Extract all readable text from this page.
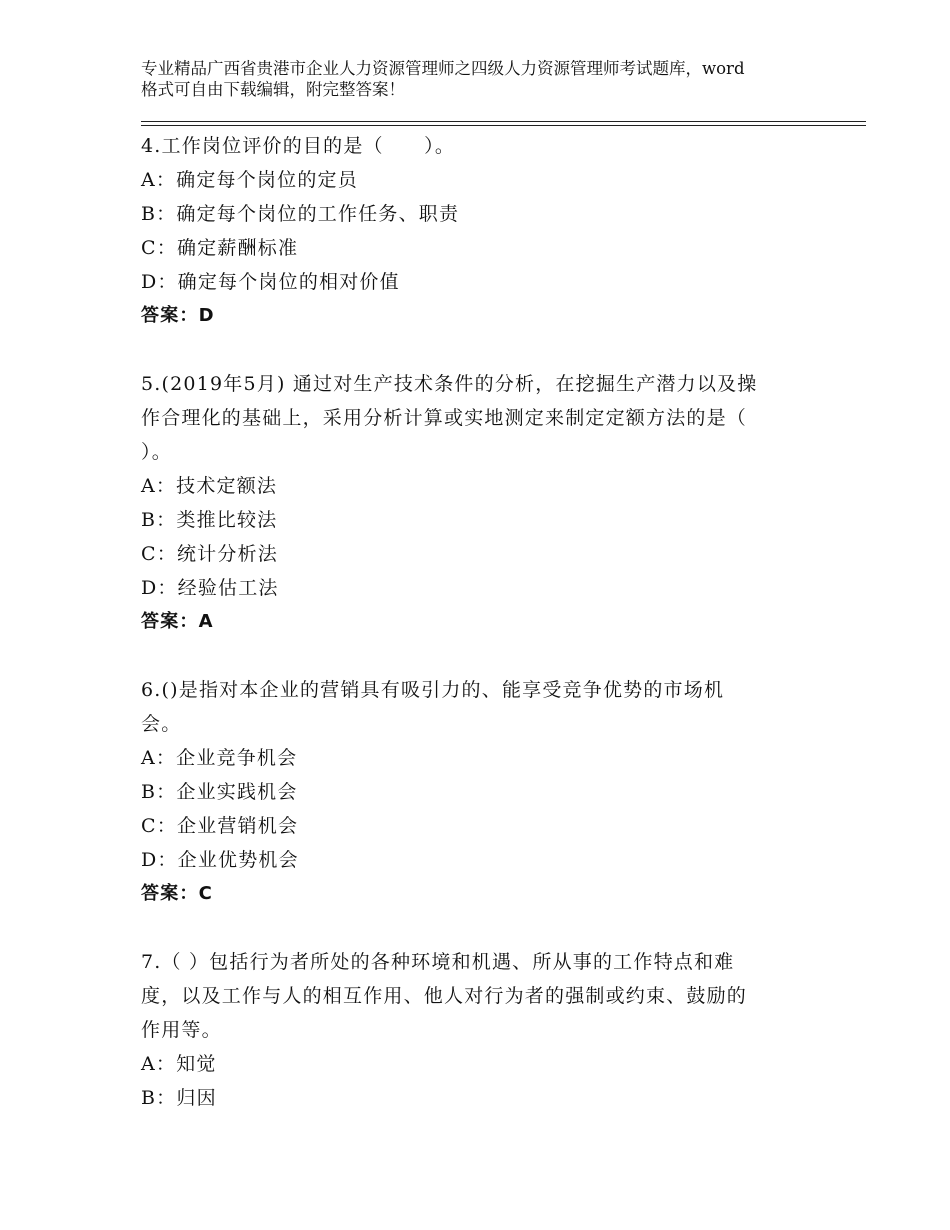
专业精品广西省贵港市企业人力资源管理师之四级人力资源管理师考试题库，word
格式可自由下载编辑，附完整答案！
4.工作岗位评价的目的是（　　）。
A：确定每个岗位的定员
B：确定每个岗位的工作任务、职责
C：确定薪酬标准
D：确定每个岗位的相对价值
答案：D
5.(2019年5月) 通过对生产技术条件的分析，在挖掘生产潜力以及操
作合理化的基础上，采用分析计算或实地测定来制定定额方法的是（
）。
A：技术定额法
B：类推比较法
C：统计分析法
D：经验估工法
答案：A
6.()是指对本企业的营销具有吸引力的、能享受竞争优势的市场机
会。
A：企业竞争机会
B：企业实践机会
C：企业营销机会
D：企业优势机会
答案：C
7.（ ）包括行为者所处的各种环境和机遇、所从事的工作特点和难
度，以及工作与人的相互作用、他人对行为者的强制或约束、鼓励的
作用等。
A：知觉
B：归因
